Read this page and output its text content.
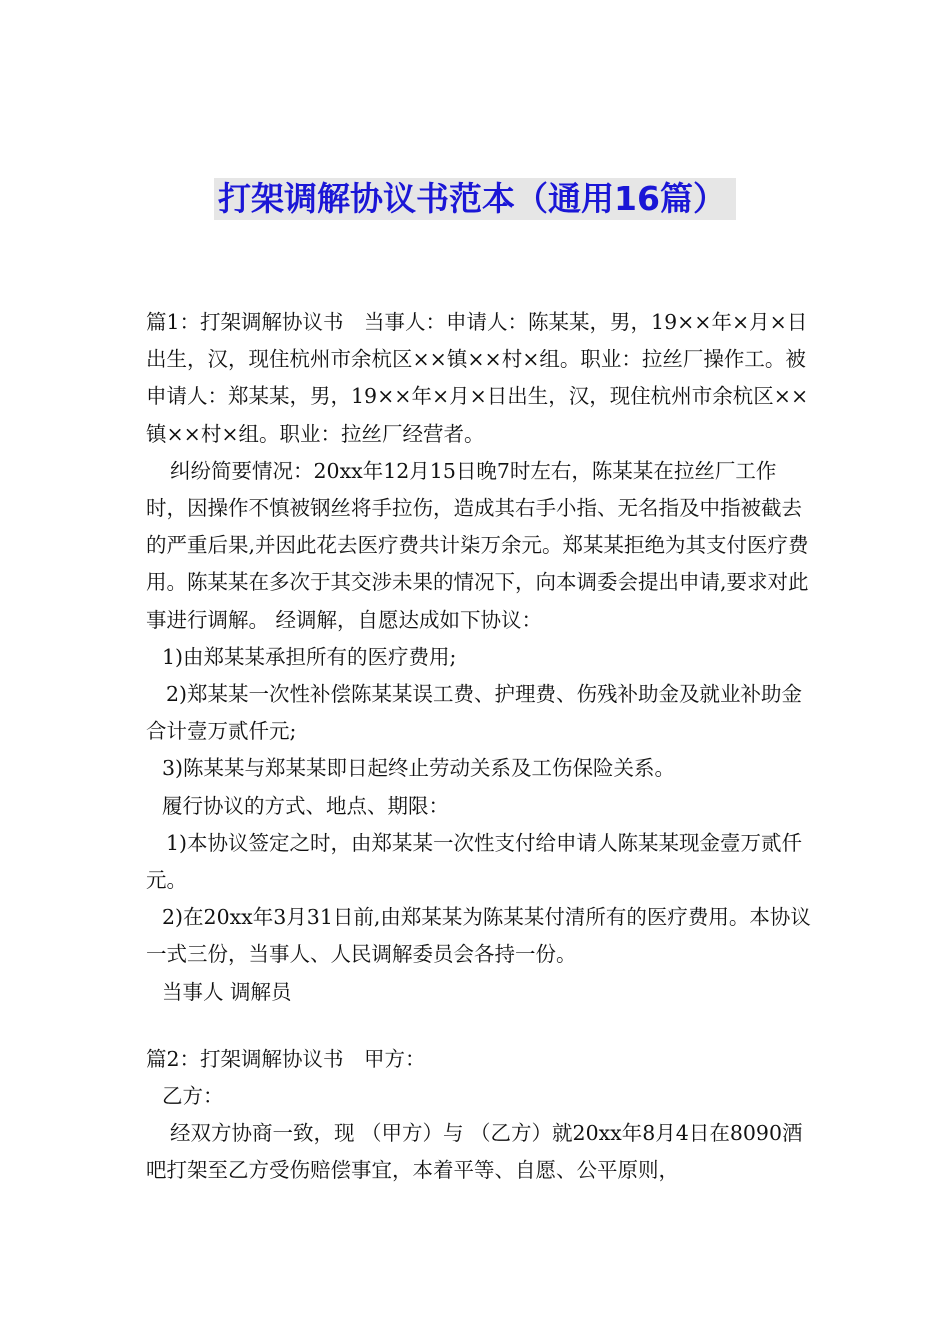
打架调解协议书范本（通用16篇）

篇1：打架调解协议书　当事人：申请人：陈某某，男，19××年×月×日出生，汉，现住杭州市余杭区××镇××村×组。职业：拉丝厂操作工。被申请人：郑某某，男，19××年×月×日出生，汉，现住杭州市余杭区××镇××村×组。职业：拉丝厂经营者。

纠纷简要情况：20xx年12月15日晚7时左右，陈某某在拉丝厂工作时，因操作不慎被钢丝将手拉伤，造成其右手小指、无名指及中指被截去的严重后果,并因此花去医疗费共计柒万余元。郑某某拒绝为其支付医疗费用。陈某某在多次于其交涉未果的情况下，向本调委会提出申请,要求对此事进行调解。 经调解，自愿达成如下协议：

1)由郑某某承担所有的医疗费用;

2)郑某某一次性补偿陈某某误工费、护理费、伤残补助金及就业补助金合计壹万贰仟元;

3)陈某某与郑某某即日起终止劳动关系及工伤保险关系。

履行协议的方式、地点、期限：

1)本协议签定之时，由郑某某一次性支付给申请人陈某某现金壹万贰仟元。

2)在20xx年3月31日前,由郑某某为陈某某付清所有的医疗费用。本协议一式三份，当事人、人民调解委员会各持一份。

当事人 调解员

篇2：打架调解协议书　甲方：

乙方：

经双方协商一致，现 （甲方）与 （乙方）就20xx年8月4日在8090酒吧打架至乙方受伤赔偿事宜，本着平等、自愿、公平原则，
